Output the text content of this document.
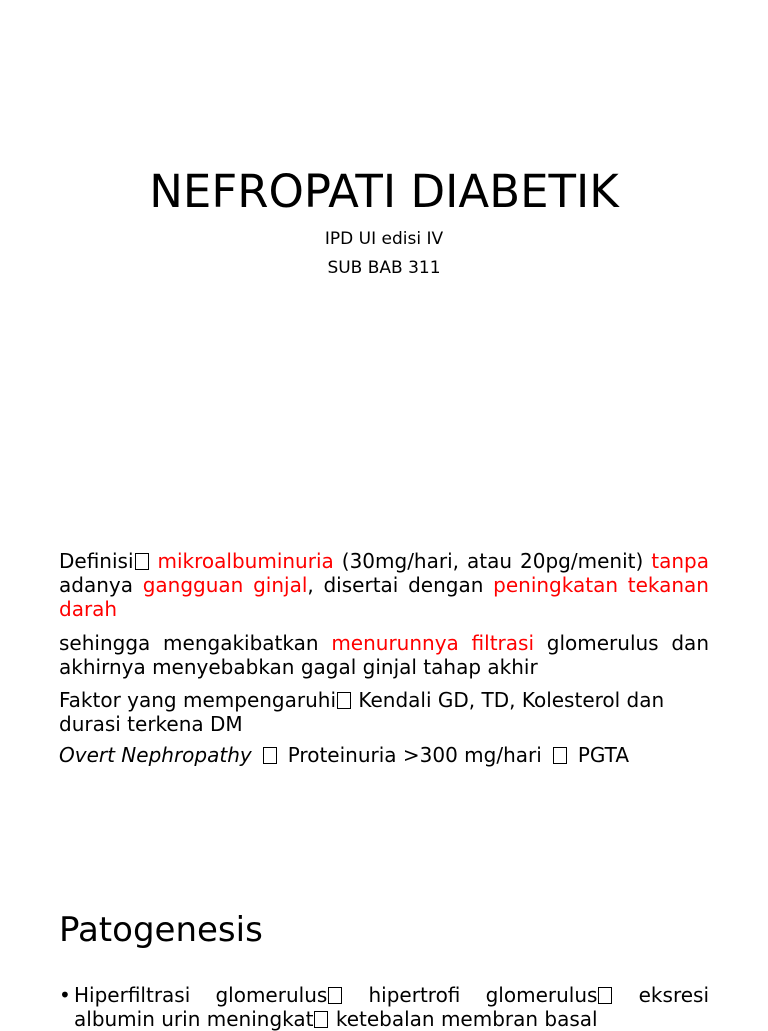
NEFROPATI DIABETIK

IPD UI edisi IV

SUB BAB 311

Definisi mikroalbuminuria (30mg/hari, atau 20pg/menit) tanpa adanya gangguan ginjal, disertai dengan peningkatan tekanan darah

sehingga mengakibatkan menurunnya filtrasi glomerulus dan akhirnya menyebabkan gagal ginjal tahap akhir

Faktor yang mempengaruhi Kendali GD, TD, Kolesterol dan durasi terkena DM

Overt Nephropathy Proteinuria >300 mg/hari PGTA

Patogenesis
• Hiperfiltrasi glomerulus hipertrofi glomerulus eksresi albumin urin meningkat ketebalan membran basal
